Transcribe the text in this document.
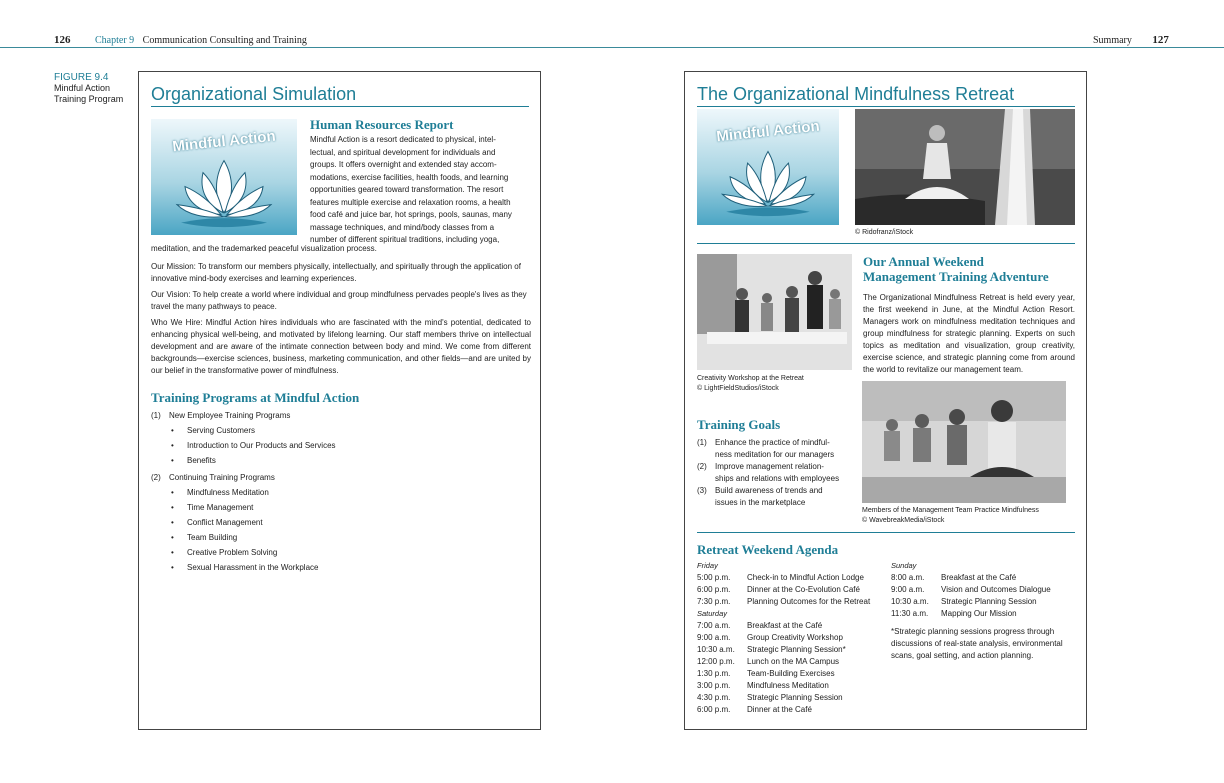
126 Chapter 9 Communication Consulting and Training	Summary 127
FIGURE 9.4
Mindful Action
Training Program	Organizational Simulation
Mindful Action
Human Resources Report
Mindful Action is a resort dedicated to physical, intel-
lectual, and spiritual development for individuals and
groups. It offers overnight and extended stay accom-
modations, exercise facilities, health foods, and learning
opportunities geared toward transformation. The resort
features multiple exercise and relaxation rooms, a health
food café and juice bar, hot springs, pools, saunas, many
massage techniques, and mind/body classes from a
number of different spiritual traditions, including yoga,
meditation, and the trademarked peaceful visualization process.

Our Mission: To transform our members physically, intellectually, and spiritually through the application of innovative mind-body exercises and learning experiences.

Our Vision: To help create a world where individual and group mindfulness pervades people's lives as they travel the many pathways to peace.

Who We Hire: Mindful Action hires individuals who are fascinated with the mind's potential, dedicated to enhancing physical well-being, and motivated by lifelong learning. Our staff members thrive on intellectual development and are aware of the intimate connection between body and mind. We come from different backgrounds—exercise sciences, business, marketing communication, and other fields—and are united by our belief in the transformative power of mindfulness.

Training Programs at Mindful Action
(1) New Employee Training Programs
• Serving Customers
• Introduction to Our Products and Services
• Benefits
(2) Continuing Training Programs
• Mindfulness Meditation
• Time Management
• Conflict Management
• Team Building
• Creative Problem Solving
• Sexual Harassment in the Workplace
The Organizational Mindfulness Retreat
Mindful Action
© Ridofranz/iStock
Creativity Workshop at the Retreat
© LightFieldStudios/iStock
Our Annual Weekend
Management Training Adventure
The Organizational Mindfulness Retreat is held every year, the first weekend in June, at the Mindful Action Resort. Managers work on mindfulness meditation techniques and group mindfulness for strategic planning. Experts on such topics as meditation and visualization, group creativity, exercise science, and strategic planning come from around the world to revitalize our management team.
Members of the Management Team Practice Mindfulness
© WavebreakMedia/iStock
Training Goals
(1)	Enhance the practice of mindful-
ness meditation for our managers
(2)	Improve management relation-
ships and relations with employees
(3)	Build awareness of trends and
issues in the marketplace
Retreat Weekend Agenda
Friday
5:00 p.m.	Check-in to Mindful Action Lodge
6:00 p.m.	Dinner at the Co-Evolution Café
7:30 p.m.	Planning Outcomes for the Retreat
Saturday
7:00 a.m.	Breakfast at the Café
9:00 a.m.	Group Creativity Workshop
10:30 a.m.	Strategic Planning Session*
12:00 p.m.	Lunch on the MA Campus
1:30 p.m.	Team-Building Exercises
3:00 p.m.	Mindfulness Meditation
4:30 p.m.	Strategic Planning Session
6:00 p.m.	Dinner at the Café
Sunday
8:00 a.m.	Breakfast at the Café
9:00 a.m.	Vision and Outcomes Dialogue
10:30 a.m.	Strategic Planning Session
11:30 a.m.	Mapping Our Mission
*Strategic planning sessions progress through discussions of real-state analysis, environmental scans, goal setting, and action planning.
